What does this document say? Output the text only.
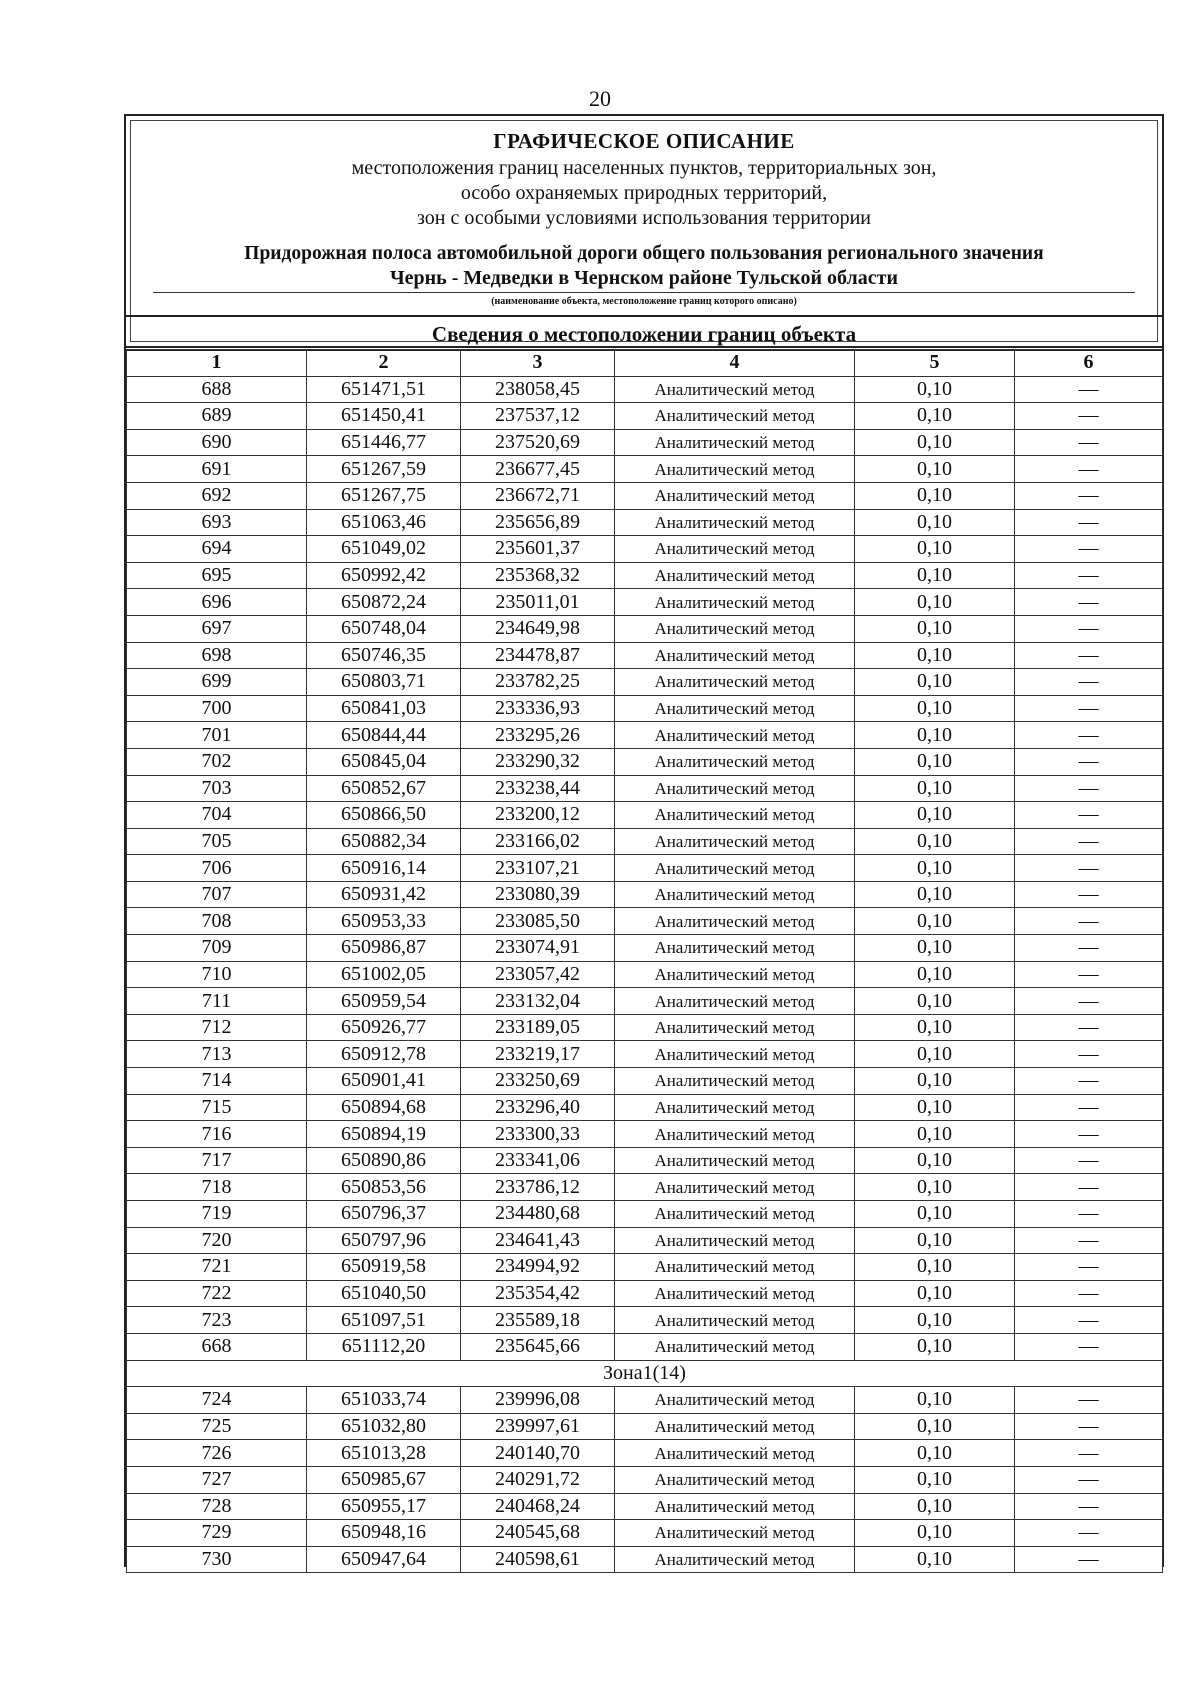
20
ГРАФИЧЕСКОЕ ОПИСАНИЕ
местоположения границ населенных пунктов, территориальных зон,
особо охраняемых природных территорий,
зон с особыми условиями использования территории
Придорожная полоса автомобильной дороги общего пользования регионального значения
Чернь - Медведки в Чернском районе Тульской области
(наименование объекта, местоположение границ которого описано)
Сведения о местоположении границ объекта
1	2	3	4	5	6
688	651471,51	238058,45	Аналитический метод	0,10	—
689	651450,41	237537,12	Аналитический метод	0,10	—
690	651446,77	237520,69	Аналитический метод	0,10	—
691	651267,59	236677,45	Аналитический метод	0,10	—
692	651267,75	236672,71	Аналитический метод	0,10	—
693	651063,46	235656,89	Аналитический метод	0,10	—
694	651049,02	235601,37	Аналитический метод	0,10	—
695	650992,42	235368,32	Аналитический метод	0,10	—
696	650872,24	235011,01	Аналитический метод	0,10	—
697	650748,04	234649,98	Аналитический метод	0,10	—
698	650746,35	234478,87	Аналитический метод	0,10	—
699	650803,71	233782,25	Аналитический метод	0,10	—
700	650841,03	233336,93	Аналитический метод	0,10	—
701	650844,44	233295,26	Аналитический метод	0,10	—
702	650845,04	233290,32	Аналитический метод	0,10	—
703	650852,67	233238,44	Аналитический метод	0,10	—
704	650866,50	233200,12	Аналитический метод	0,10	—
705	650882,34	233166,02	Аналитический метод	0,10	—
706	650916,14	233107,21	Аналитический метод	0,10	—
707	650931,42	233080,39	Аналитический метод	0,10	—
708	650953,33	233085,50	Аналитический метод	0,10	—
709	650986,87	233074,91	Аналитический метод	0,10	—
710	651002,05	233057,42	Аналитический метод	0,10	—
711	650959,54	233132,04	Аналитический метод	0,10	—
712	650926,77	233189,05	Аналитический метод	0,10	—
713	650912,78	233219,17	Аналитический метод	0,10	—
714	650901,41	233250,69	Аналитический метод	0,10	—
715	650894,68	233296,40	Аналитический метод	0,10	—
716	650894,19	233300,33	Аналитический метод	0,10	—
717	650890,86	233341,06	Аналитический метод	0,10	—
718	650853,56	233786,12	Аналитический метод	0,10	—
719	650796,37	234480,68	Аналитический метод	0,10	—
720	650797,96	234641,43	Аналитический метод	0,10	—
721	650919,58	234994,92	Аналитический метод	0,10	—
722	651040,50	235354,42	Аналитический метод	0,10	—
723	651097,51	235589,18	Аналитический метод	0,10	—
668	651112,20	235645,66	Аналитический метод	0,10	—
Зона1(14)					
724	651033,74	239996,08	Аналитический метод	0,10	—
725	651032,80	239997,61	Аналитический метод	0,10	—
726	651013,28	240140,70	Аналитический метод	0,10	—
727	650985,67	240291,72	Аналитический метод	0,10	—
728	650955,17	240468,24	Аналитический метод	0,10	—
729	650948,16	240545,68	Аналитический метод	0,10	—
730	650947,64	240598,61	Аналитический метод	0,10	—
